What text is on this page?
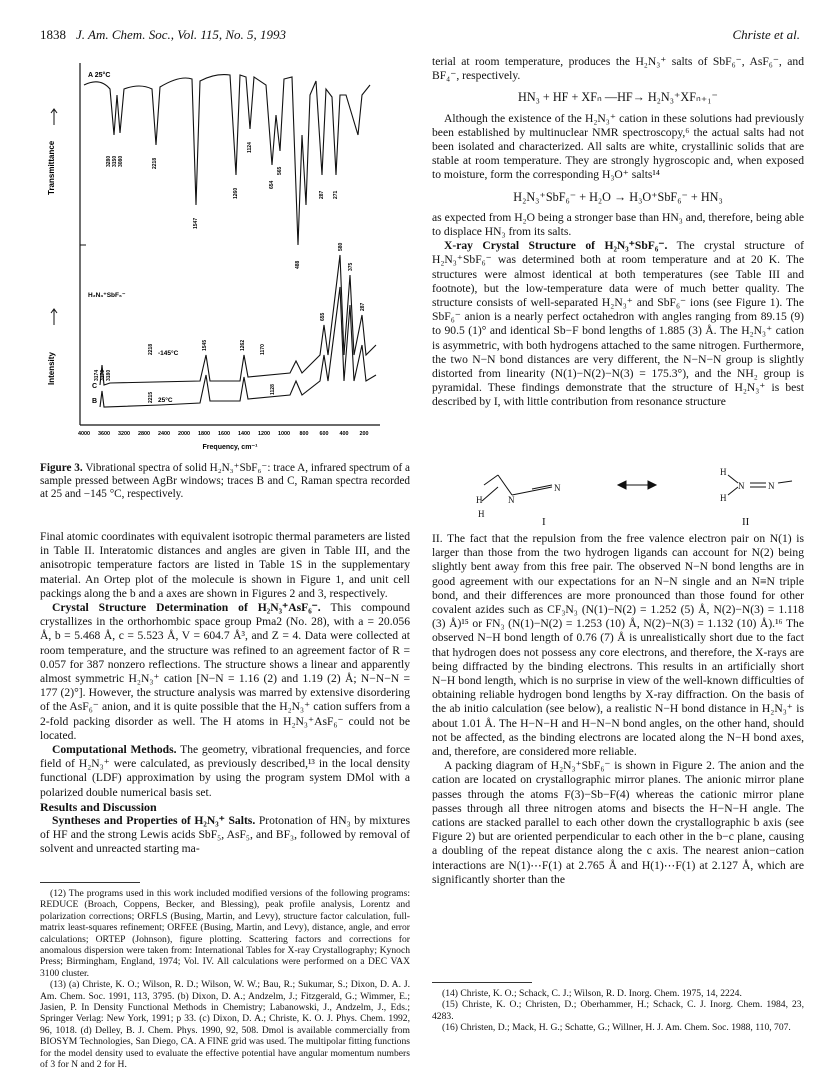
1838 J. Am. Chem. Soc., Vol. 115, No. 5, 1993	Christe et al.
Transmittance
Intensity
A 25°C
H₂N₃⁺SbF₆⁻
C
B
-145°C
25°C
4000 3600 3200 2800 2400 2000 1800 1600 1400 1200 1000 800 600 400 200
Frequency, cm⁻¹
3280 3150 3080	2218
1547
1260
1124
654
565
488
287 271
3174 3170 3180
2218
2215
1545	1262	1170
1128
655
580
375
287
Figure 3. Vibrational spectra of solid H₂N₃⁺SbF₆⁻: trace A, infrared spectrum of a sample pressed between AgBr windows; traces B and C, Raman spectra recorded at 25 and −145 °C, respectively.

Final atomic coordinates with equivalent isotropic thermal parameters are listed in Table II. Interatomic distances and angles are given in Table III, and the anisotropic temperature factors are listed in Table 1S in the supplementary material. An Ortep plot of the molecule is shown in Figure 1, and unit cell packings along the b and a axes are shown in Figures 2 and 3, respectively.

Crystal Structure Determination of H₂N₃⁺AsF₆⁻. This compound crystallizes in the orthorhombic space group Pma2 (No. 28), with a = 20.056 Å, b = 5.468 Å, c = 5.523 Å, V = 604.7 Å³, and Z = 4. Data were collected at room temperature, and the structure was refined to an agreement factor of R = 0.057 for 387 nonzero reflections. The structure shows a linear and apparently almost symmetric H₂N₃⁺ cation [N−N = 1.16 (2) and 1.19 (2) Å; N−N−N = 177 (2)°]. However, the structure analysis was marred by extensive disordering of the AsF₆⁻ anion, and it is quite possible that the H₂N₃⁺ cation suffers from a 2-fold packing disorder as well. The H atoms in H₂N₃⁺AsF₆⁻ could not be located.

Computational Methods. The geometry, vibrational frequencies, and force field of H₂N₃⁺ were calculated, as previously described,¹³ in the local density functional (LDF) approximation by using the program system DMol with a polarized double numerical basis set.

Results and Discussion

Syntheses and Properties of H₂N₃⁺ Salts. Protonation of HN₃ by mixtures of HF and the strong Lewis acids SbF₅, AsF₅, and BF₃, followed by removal of solvent and unreacted starting ma-

(12) The programs used in this work included modified versions of the following programs: REDUCE (Broach, Coppens, Becker, and Blessing), peak profile analysis, Lorentz and polarization corrections; ORFLS (Busing, Martin, and Levy), structure factor calculation, full-matrix least-squares refinement; ORFEE (Busing, Martin, and Levy), distance, angle, and error calculations; ORTEP (Johnson), figure plotting. Scattering factors and corrections for anomalous dispersion were taken from: International Tables for X-ray Crystallography; Kynoch Press; Birmingham, England, 1974; Vol. IV. All calculations were performed on a DEC VAX 3100 cluster.

(13) (a) Christe, K. O.; Wilson, R. D.; Wilson, W. W.; Bau, R.; Sukumar, S.; Dixon, D. A. J. Am. Chem. Soc. 1991, 113, 3795. (b) Dixon, D. A.; Andzelm, J.; Fitzgerald, G.; Wimmer, E.; Jasien, P. In Density Functional Methods in Chemistry; Labanowski, J., Andzelm, J., Eds.; Springer Verlag: New York, 1991; p 33. (c) Dixon, D. A.; Christe, K. O. J. Phys. Chem. 1992, 96, 1018. (d) Delley, B. J. Chem. Phys. 1990, 92, 508. Dmol is available commercially from BIOSYM Technologies, San Diego, CA. A FINE grid was used. The multipolar fitting functions for the model density used to evaluate the effective potential have angular momentum numbers of 3 for N and 2 for H.

terial at room temperature, produces the H₂N₃⁺ salts of SbF₆⁻, AsF₆⁻, and BF₄⁻, respectively.

HN₃ + HF + XFₙ —HF→ H₂N₃⁺XFₙ₊₁⁻

Although the existence of the H₂N₃⁺ cation in these solutions had previously been established by multinuclear NMR spectroscopy,⁶ the actual salts had not been isolated and characterized. All salts are white, crystallinic solids that are stable at room temperature. They are strongly hygroscopic and, when exposed to moisture, form the corresponding H₃O⁺ salts¹⁴

H₂N₃⁺SbF₆⁻ + H₂O → H₃O⁺SbF₆⁻ + HN₃

as expected from H₂O being a stronger base than HN₃ and, therefore, being able to displace HN₃ from its salts.

X-ray Crystal Structure of H₂N₃⁺SbF₆⁻. The crystal structure of H₂N₃⁺SbF₆⁻ was determined both at room temperature and at 20 K. The structures were almost identical at both temperatures (see Table III and footnote), but the low-temperature data were of much better quality. The structure consists of well-separated H₂N₃⁺ and SbF₆⁻ ions (see Figure 1). The SbF₆⁻ anion is a nearly perfect octahedron with angles ranging from 89.15 (9) to 90.5 (1)° and identical Sb−F bond lengths of 1.885 (3) Å. The H₂N₃⁺ cation is asymmetric, with both hydrogens attached to the same nitrogen. Furthermore, the two N−N bond distances are very different, the N−N−N group is slightly distorted from linearity (N(1)−N(2)−N(3) = 175.3°), and the NH₂ group is pyramidal. These findings demonstrate that the structure of H₂N₃⁺ is best described by I, with little contribution from resonance structure

H
H
N
N
H
H
N	N
I	II

II. The fact that the repulsion from the free valence electron pair on N(1) is larger than those from the two hydrogen ligands can account for N(2) being slightly bent away from this free pair. The observed N−N bond lengths are in good agreement with our expectations for an N−N single and an N≡N triple bond, and their differences are more pronounced than those found for other covalent azides such as CF₃N₃ (N(1)−N(2) = 1.252 (5) Å, N(2)−N(3) = 1.118 (3) Å)¹⁵ or FN₃ (N(1)−N(2) = 1.253 (10) Å, N(2)−N(3) = 1.132 (10) Å).¹⁶ The observed N−H bond length of 0.76 (7) Å is unrealistically short due to the fact that hydrogen does not possess any core electrons, and therefore, the X-rays are being diffracted by the binding electrons. This results in an artificially short N−H bond length, which is no surprise in view of the well-known difficulties of obtaining reliable hydrogen bond lengths by X-ray diffraction. On the basis of the ab initio calculation (see below), a realistic N−H bond distance in H₂N₃⁺ is about 1.01 Å. The H−N−H and H−N−N bond angles, on the other hand, should not be affected, as the binding electrons are located along the N−H bond axes, and, therefore, are considered more reliable.

A packing diagram of H₂N₃⁺SbF₆⁻ is shown in Figure 2. The anion and the cation are located on crystallographic mirror planes. The anionic mirror plane passes through the atoms F(3)−Sb−F(4) whereas the cationic mirror plane passes through all three nitrogen atoms and bisects the H−N−H angle. The cations are stacked parallel to each other down the crystallographic b axis (see Figure 2) but are oriented perpendicular to each other in the b−c plane, causing a doubling of the repeat distance along the c axis. The nearest anion−cation interactions are N(1)⋯F(1) at 2.765 Å and H(1)⋯F(1) at 2.127 Å, which are significantly shorter than the

(14) Christe, K. O.; Schack, C. J.; Wilson, R. D. Inorg. Chem. 1975, 14, 2224.

(15) Christe, K. O.; Christen, D.; Oberhammer, H.; Schack, C. J. Inorg. Chem. 1984, 23, 4283.

(16) Christen, D.; Mack, H. G.; Schatte, G.; Willner, H. J. Am. Chem. Soc. 1988, 110, 707.
